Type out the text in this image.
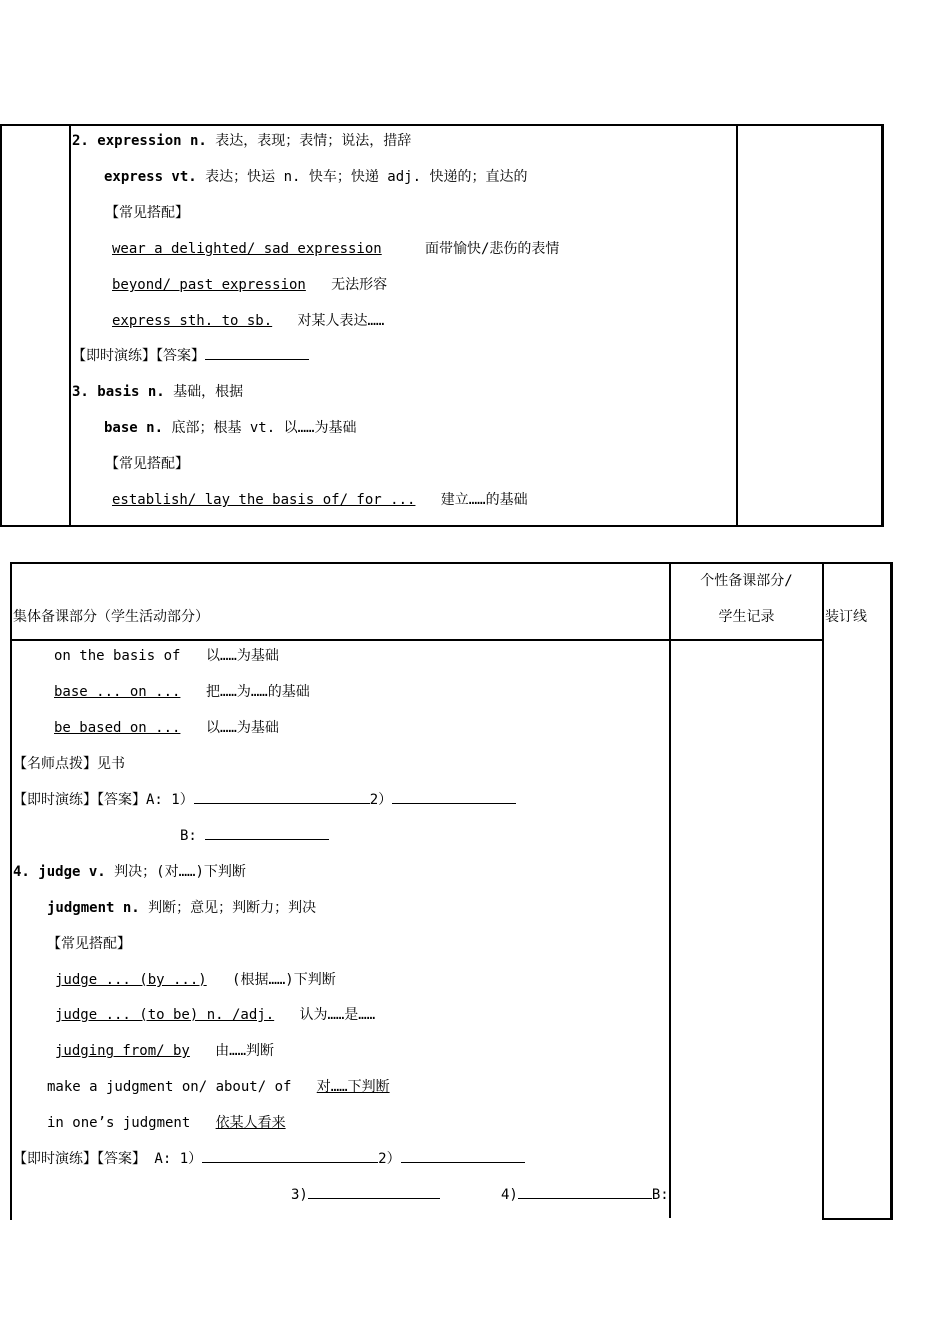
2. expression n. 表达，表现；表情；说法，措辞
express vt. 表达；快运 n. 快车；快递 adj. 快递的；直达的
【常见搭配】
wear a delighted/ sad expression	面带愉快/悲伤的表情
beyond/ past expression 无法形容
express sth. to sb. 对某人表达……
【即时演练】【答案】
3. basis n. 基础，根据
base n. 底部；根基 vt. 以……为基础
【常见搭配】
establish/ lay the basis of/ for ... 建立……的基础
集体备课部分（学生活动部分）
个性备课部分/
学生记录	装订线
on the basis of 以……为基础
base ... on ... 把……为……的基础
be based on ... 以……为基础
【名师点拨】见书
【即时演练】【答案】A: 1）	2）
B:
4. judge v. 判决；(对……)下判断
judgment n. 判断；意见；判断力；判决
【常见搭配】
judge ... (by ...) (根据……)下判断
judge ... (to be) n. /adj. 认为……是……
judging from/ by 由……判断
make a judgment on/ about/ of 对……下判断
in one’s judgment 依某人看来
【即时演练】【答案】 A: 1）	2）
3)	4)	B:
